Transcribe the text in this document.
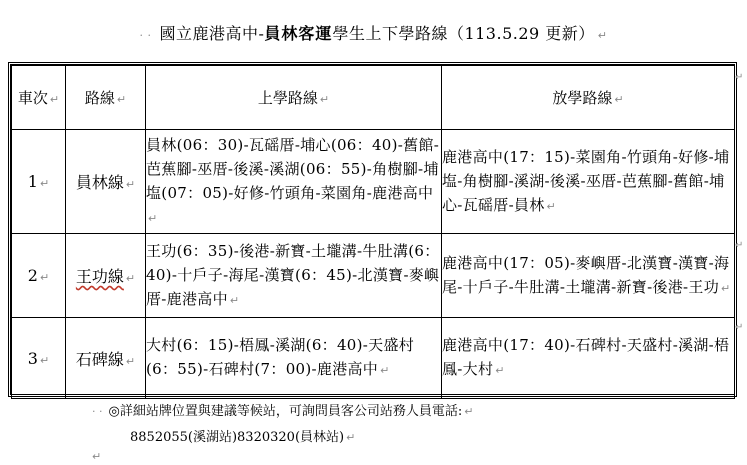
· · 國立鹿港高中-員林客運學生上下學路線（113.5.29 更新） ↵
車次 ↵	路線 ↵	上學路線 ↵	放學路線 ↵
1 ↵	員林線 ↵	員林(06：30)-瓦磘厝-埔心(06：40)-舊館-芭蕉腳-巫厝-後溪-溪湖(06：55)-角樹腳-埔塩(07：05)-好修-竹頭角-菜園角-鹿港高中↵	鹿港高中(17：15)-菜園角-竹頭角-好修-埔塩-角樹腳-溪湖-後溪-巫厝-芭蕉腳-舊館-埔心-瓦磘厝-員林 ↵
2 ↵	王功線 ↵	王功(6：35)-後港-新寶-土壠溝-牛肚溝(6：40)-十戶子-海尾-漢寶(6：45)-北漢寶-麥嶼厝-鹿港高中 ↵	鹿港高中(17：05)-麥嶼厝-北漢寶-漢寶-海尾-十戶子-牛肚溝-土壠溝-新寶-後港-王功 ↵
3 ↵	石碑線 ↵	大村(6：15)-梧鳳-溪湖(6：40)-天盛村(6：55)-石碑村(7：00)-鹿港高中 ↵	鹿港高中(17：40)-石碑村-天盛村-溪湖-梧鳳-大村 ↵
↵
↵
↵
· · ◎詳細站牌位置與建議等候站，可詢問員客公司站務人員電話: ↵
8852055(溪湖站)8320320(員林站) ↵
↵
